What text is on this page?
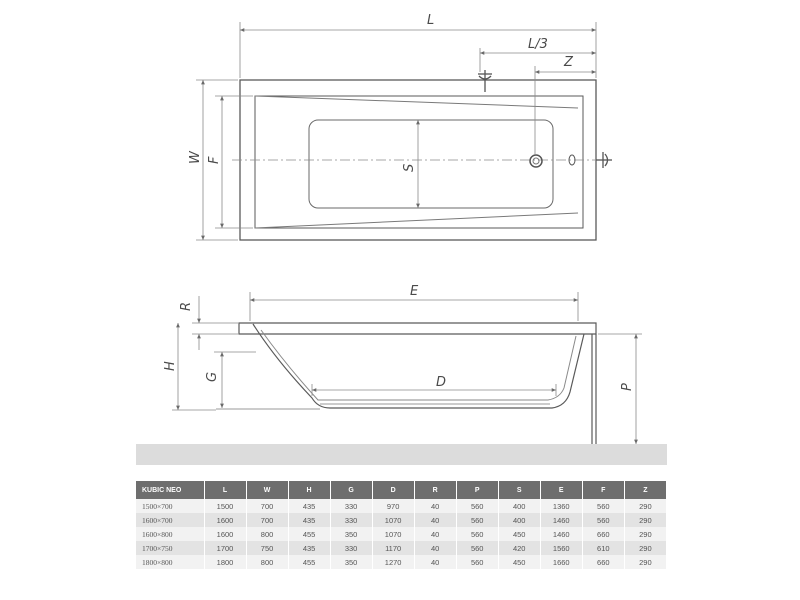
L
L/3
Z
W F
S
E
R
H
G	D	P
KUBIC NEO	L	W	H	G	D	R	P	S	E	F	Z
1500×700	1500	700	435	330	970	40	560	400	1360	560	290
1600×700	1600	700	435	330	1070	40	560	400	1460	560	290
1600×800	1600	800	455	350	1070	40	560	450	1460	660	290
1700×750	1700	750	435	330	1170	40	560	420	1560	610	290
1800×800	1800	800	455	350	1270	40	560	450	1660	660	290
